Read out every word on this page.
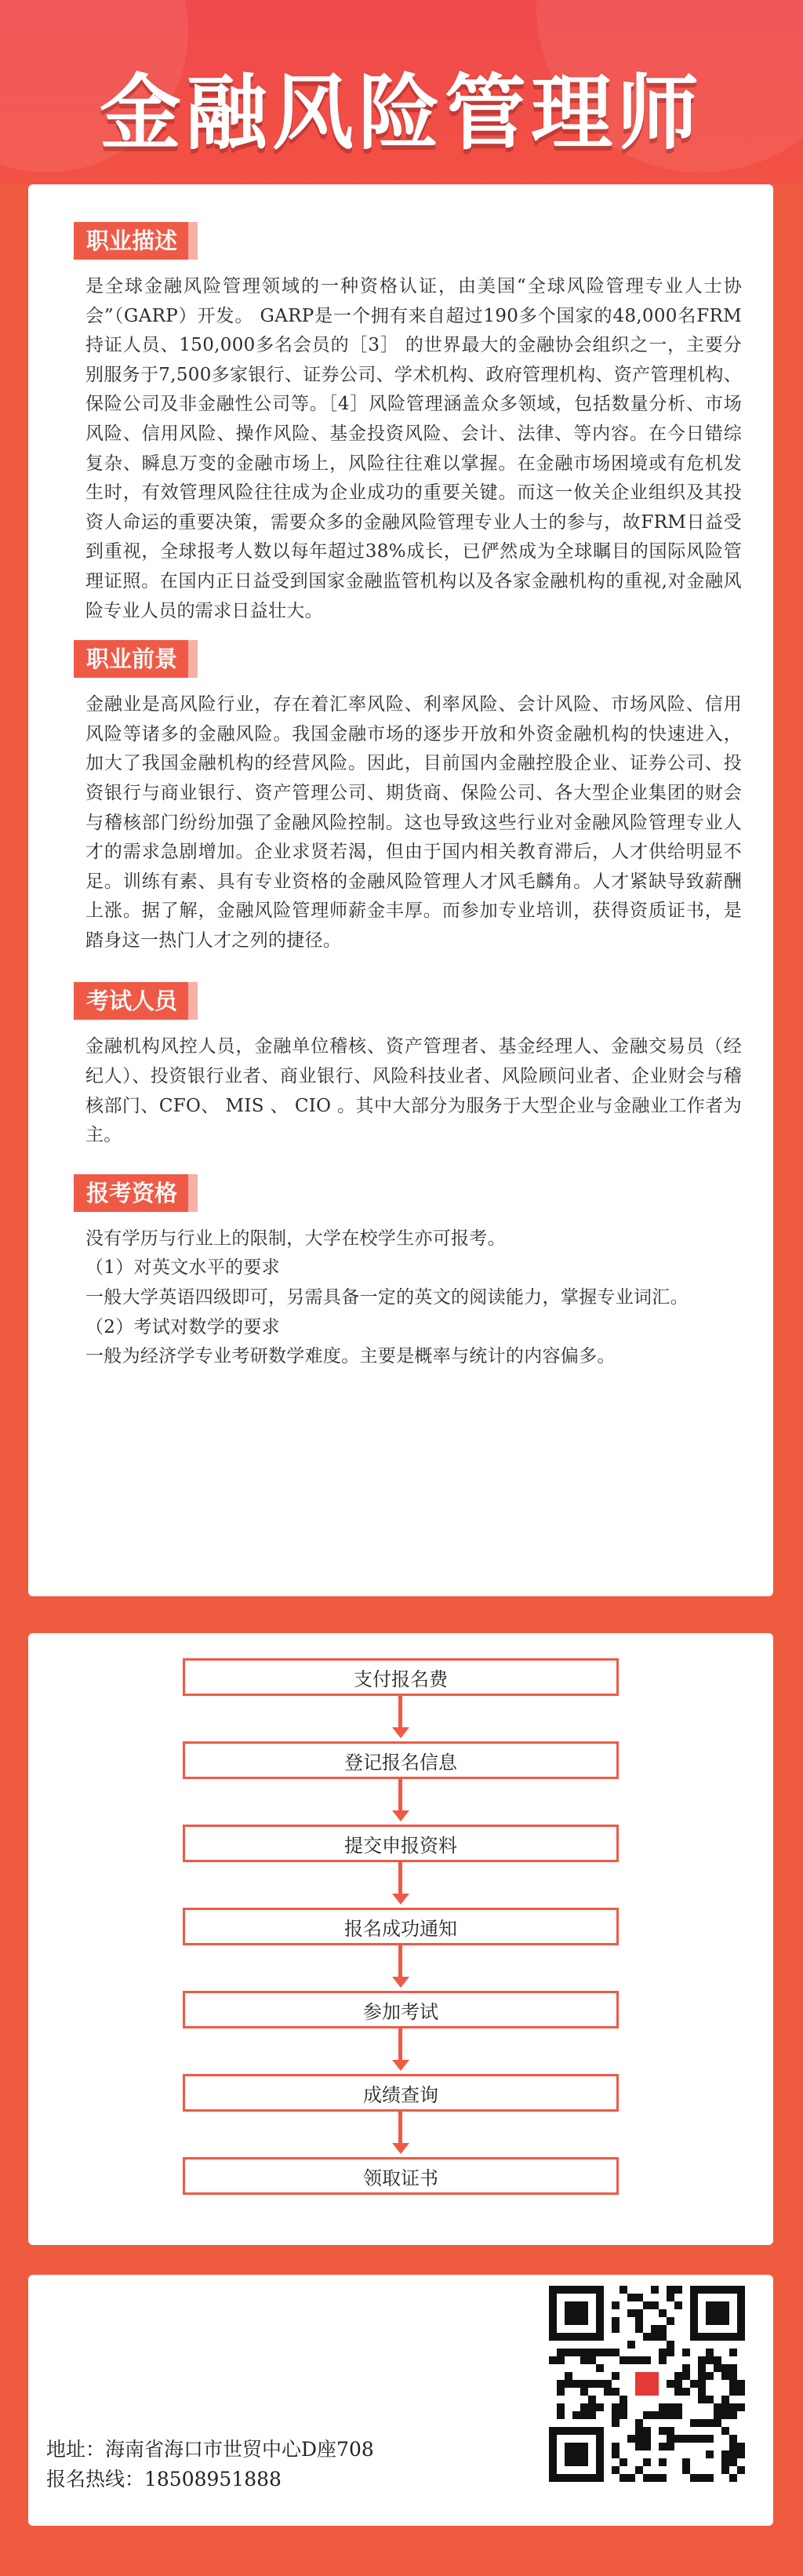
金融风险管理师
职业描述

是全球金融风险管理领域的一种资格认证，由美国“全球风险管理专业人士协会”（GARP）开发。 GARP是一个拥有来自超过190多个国家的48,000名FRM持证人员、150,000多名会员的［3］ 的世界最大的金融协会组织之一，主要分别服务于7,500多家银行、证券公司、学术机构、政府管理机构、资产管理机构、保险公司及非金融性公司等。［4］风险管理涵盖众多领域，包括数量分析、市场风险、信用风险、操作风险、基金投资风险、会计、法律、等内容。在今日错综复杂、瞬息万变的金融市场上，风险往往难以掌握。在金融市场困境或有危机发生时，有效管理风险往往成为企业成功的重要关键。而这一攸关企业组织及其投资人命运的重要决策，需要众多的金融风险管理专业人士的参与，故FRM日益受到重视，全球报考人数以每年超过38%成长，已俨然成为全球瞩目的国际风险管理证照。在国内正日益受到国家金融监管机构以及各家金融机构的重视,对金融风险专业人员的需求日益壮大。

职业前景

金融业是高风险行业，存在着汇率风险、利率风险、会计风险、市场风险、信用风险等诸多的金融风险。我国金融市场的逐步开放和外资金融机构的快速进入，加大了我国金融机构的经营风险。因此，目前国内金融控股企业、证券公司、投资银行与商业银行、资产管理公司、期货商、保险公司、各大型企业集团的财会与稽核部门纷纷加强了金融风险控制。这也导致这些行业对金融风险管理专业人才的需求急剧增加。企业求贤若渴，但由于国内相关教育滞后，人才供给明显不足。训练有素、具有专业资格的金融风险管理人才风毛麟角。人才紧缺导致薪酬上涨。据了解，金融风险管理师薪金丰厚。而参加专业培训，获得资质证书，是踏身这一热门人才之列的捷径。

考试人员

金融机构风控人员，金融单位稽核、资产管理者、基金经理人、金融交易员（经纪人）、投资银行业者、商业银行、风险科技业者、风险顾问业者、企业财会与稽核部门、CFO、 MIS 、 CIO 。其中大部分为服务于大型企业与金融业工作者为主。

报考资格

没有学历与行业上的限制，大学在校学生亦可报考。

（1）对英文水平的要求

一般大学英语四级即可，另需具备一定的英文的阅读能力，掌握专业词汇。

（2）考试对数学的要求

一般为经济学专业考研数学难度。主要是概率与统计的内容偏多。

支付报名费
登记报名信息
提交申报资料
报名成功通知
参加考试
成绩查询
领取证书
地址：海南省海口市世贸中心D座708
报名热线：18508951888
